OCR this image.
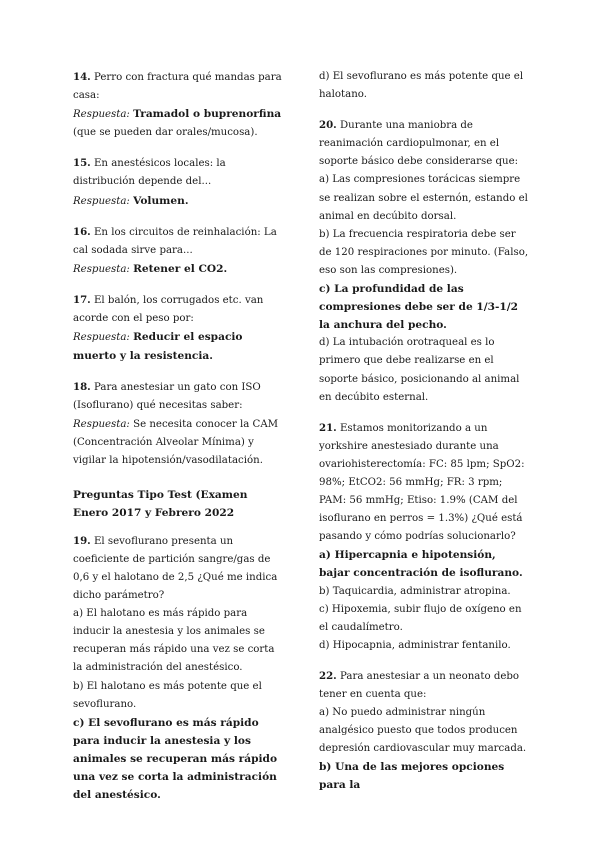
14. Perro con fractura qué mandas para casa:
Respuesta: Tramadol o buprenorfina (que se pueden dar orales/mucosa).
15. En anestésicos locales: la distribución depende del...
Respuesta: Volumen.
16. En los circuitos de reinhalación: La cal sodada sirve para...
Respuesta: Retener el CO2.
17. El balón, los corrugados etc. van acorde con el peso por:
Respuesta: Reducir el espacio muerto y la resistencia.
18. Para anestesiar un gato con ISO (Isoflurano) qué necesitas saber:
Respuesta: Se necesita conocer la CAM (Concentración Alveolar Mínima) y vigilar la hipotensión/vasodilatación.
Preguntas Tipo Test (Examen Enero 2017 y Febrero 2022
19. El sevoflurano presenta un coeficiente de partición sangre/gas de 0,6 y el halotano de 2,5 ¿Qué me indica dicho parámetro?
a) El halotano es más rápido para inducir la anestesia y los animales se recuperan más rápido una vez se corta la administración del anestésico.
b) El halotano es más potente que el sevoflurano.
c) El sevoflurano es más rápido para inducir la anestesia y los animales se recuperan más rápido una vez se corta la administración del anestésico.
d) El sevoflurano es más potente que el halotano.
20. Durante una maniobra de reanimación cardiopulmonar, en el soporte básico debe considerarse que:
a) Las compresiones torácicas siempre se realizan sobre el esternón, estando el animal en decúbito dorsal.
b) La frecuencia respiratoria debe ser de 120 respiraciones por minuto. (Falso, eso son las compresiones).
c) La profundidad de las compresiones debe ser de 1/3-1/2 la anchura del pecho.
d) La intubación orotraqueal es lo primero que debe realizarse en el soporte básico, posicionando al animal en decúbito esternal.
21. Estamos monitorizando a un yorkshire anestesiado durante una ovariohisterectomía: FC: 85 lpm; SpO2: 98%; EtCO2: 56 mmHg; FR: 3 rpm; PAM: 56 mmHg; Etiso: 1.9% (CAM del isoflurano en perros = 1.3%) ¿Qué está pasando y cómo podrías solucionarlo?
a) Hipercapnia e hipotensión, bajar concentración de isoflurano.
b) Taquicardia, administrar atropina.
c) Hipoxemia, subir flujo de oxígeno en el caudalímetro.
d) Hipocapnia, administrar fentanilo.
22. Para anestesiar a un neonato debo tener en cuenta que:
a) No puedo administrar ningún analgésico puesto que todos producen depresión cardiovascular muy marcada.
b) Una de las mejores opciones para la
